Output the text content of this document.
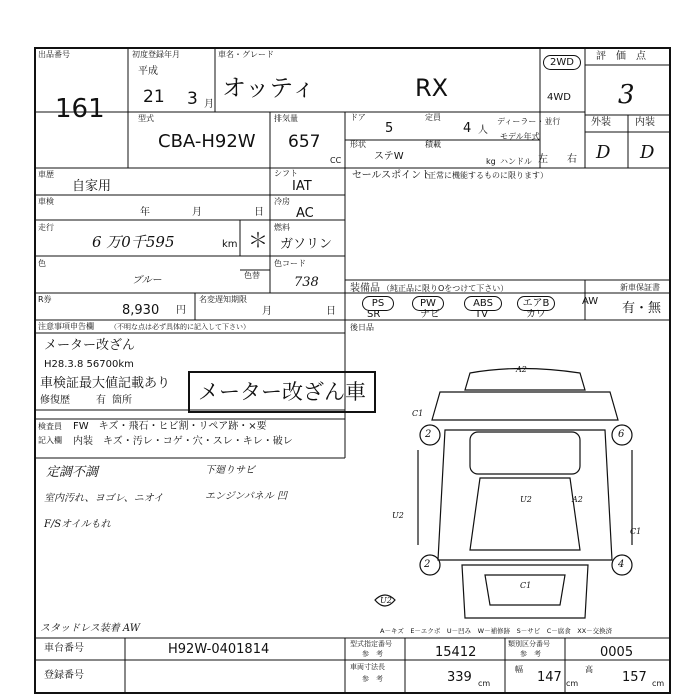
出品番号
161
初度登録年月
平成
21 3 月
車名・グレード
オッティ	RX
2WD
4WD
評　価　点
3
外装 内装
D D
型式
CBA-H92W
排気量
657
CC
ドア
5
定員
4 人
ディーラー・並行
形状
ステW
積載
kg
モデル年式
ハンドル 左 右
車歴
自家用
シフト
IAT
車検
年	月	日
冷房
AC
走行
6 万0千595	km ＊
燃料
ガソリン
色
ブルー	色替
色コード
738
R券
8,930 円
名変遅知期限
月	日
セールスポイント
（正常に機能するものに限ります）
装備品 （純正品に限りOをつけて下さい）
PS	PW	ABS	エアB	AW
SR	ナビ	TV	カワ
新車保証書
有・無
後日品
注意事項申告欄 （不明な点は必ず具体的に記入して下さい）
メーター改ざん
H28.3.8 56700km
車検証最大値記載あり
修復歴	有 箇所	メーター改ざん車
検査員
記入欄
FW　キズ・飛石・ヒビ割・リペア跡・×要
内装　キズ・汚レ・コゲ・穴・スレ・キレ・破レ
定調不調
室内汚れ、ヨゴレ、ニオイ
F/Sオイルもれ
下廻りサビ
エンジンパネル 凹
スタッドレス装着 AW
A2
C1
2	6
U2	A2
U2
C1
2
U2
4
C1
A－キズ　E－エクボ　U－凹み　W－補修跡　S－サビ　C－腐食　XX－交換済
車台番号	H92W-0401814
登録番号
型式指定番号
参　考	15412
類別区分番号
参　考	0005
車両寸法長
参　考	339 cm
幅
147 cm
高
157 cm
